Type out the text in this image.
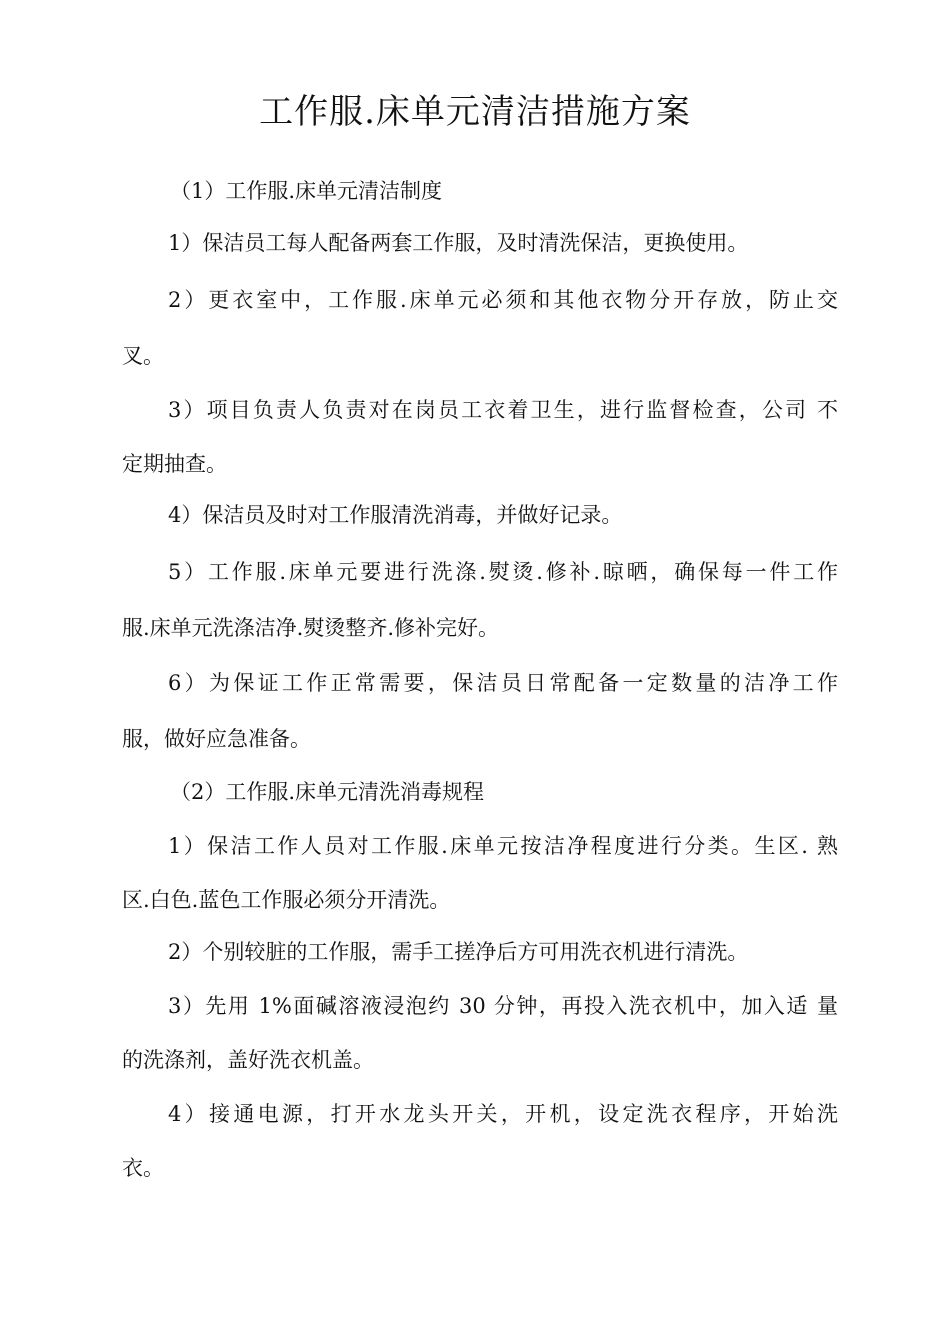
工作服.床单元清洁措施方案
（1）工作服.床单元清洁制度
1）保洁员工每人配备两套工作服，及时清洗保洁，更换使用。
2）更衣室中，工作服.床单元必须和其他衣物分开存放，防止交
叉。
3）项目负责人负责对在岗员工衣着卫生，进行监督检查，公司 不
定期抽查。
4）保洁员及时对工作服清洗消毒，并做好记录。
5）工作服.床单元要进行洗涤.熨烫.修补.晾晒，确保每一件工作
服.床单元洗涤洁净.熨烫整齐.修补完好。
6）为保证工作正常需要，保洁员日常配备一定数量的洁净工作
服，做好应急准备。
（2）工作服.床单元清洗消毒规程
1）保洁工作人员对工作服.床单元按洁净程度进行分类。生区. 熟
区.白色.蓝色工作服必须分开清洗。
2）个别较脏的工作服，需手工搓净后方可用洗衣机进行清洗。
3）先用 1%面碱溶液浸泡约 30 分钟，再投入洗衣机中，加入适 量
的洗涤剂，盖好洗衣机盖。
4）接通电源，打开水龙头开关，开机，设定洗衣程序，开始洗
衣。
